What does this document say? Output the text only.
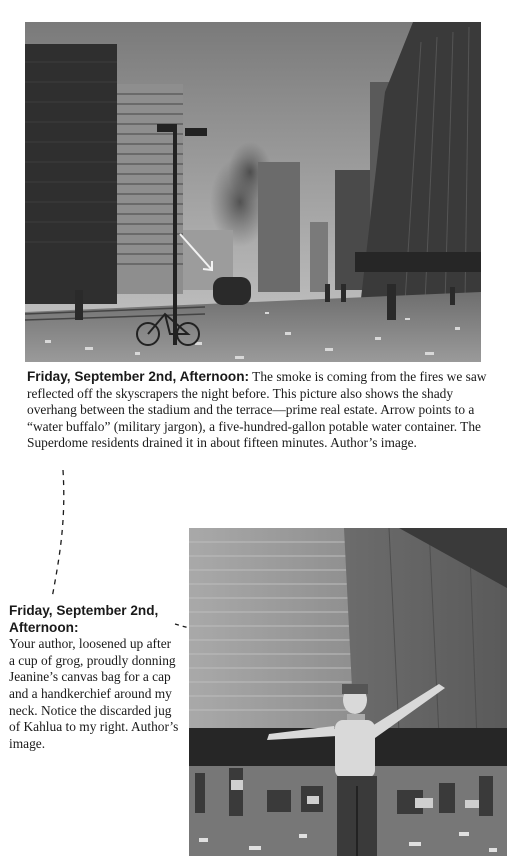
Friday, September 2nd, Afternoon: The smoke is coming from the fires we saw reflected off the skyscrapers the night before. This picture also shows the shady overhang between the stadium and the terrace—prime real estate. Arrow points to a “water buffalo” (military jargon), a five-hundred-gallon potable water container. The Superdome residents drained it in about fifteen minutes. Author’s image.
Friday, September 2nd, Afternoon:
Your author, loosened up after a cup of grog, proudly donning Jeanine’s canvas bag for a cap and a handkerchief around my neck. Notice the discarded jug of Kahlua to my right. Author’s image.
